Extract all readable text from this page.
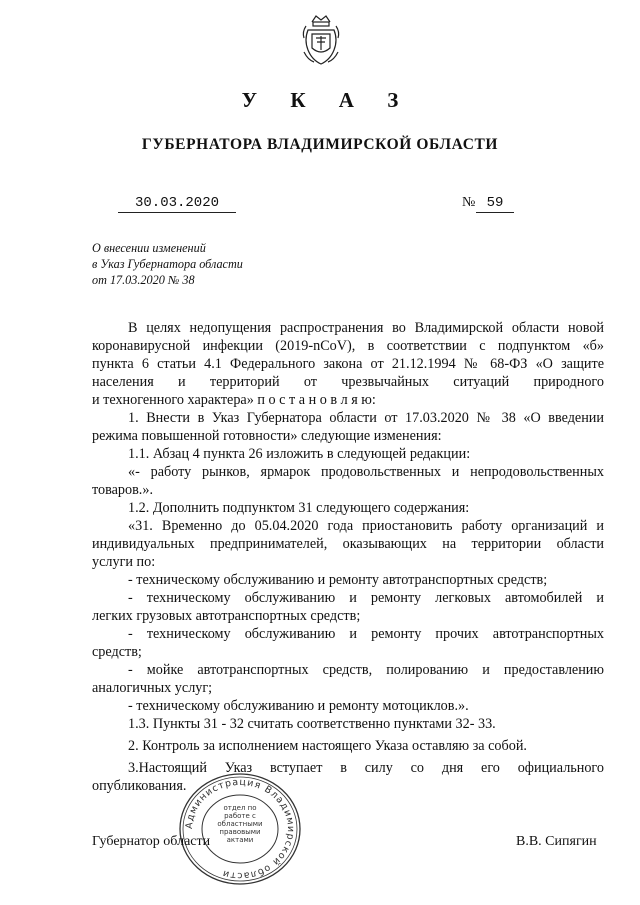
У К А З
ГУБЕРНАТОРА ВЛАДИМИРСКОЙ ОБЛАСТИ
30.03.2020	№ 59
О внесении изменений
в Указ Губернатора области
от 17.03.2020 № 38
В целях недопущения распространения во Владимирской области новой
коронавирусной инфекции (2019-nCoV), в соответствии с подпунктом «б»
пункта 6 статьи 4.1 Федерального закона от 21.12.1994 № 68-ФЗ «О защите
населения и территорий от чрезвычайных ситуаций природного
и техногенного характера» п о с т а н о в л я ю:
1. Внести в Указ Губернатора области от 17.03.2020 № 38 «О введении
режима повышенной готовности» следующие изменения:
1.1. Абзац 4 пункта 26 изложить в следующей редакции:
«- работу рынков, ярмарок продовольственных и непродовольственных
товаров.».
1.2. Дополнить подпунктом 31 следующего содержания:
«31. Временно до 05.04.2020 года приостановить работу организаций и
индивидуальных предпринимателей, оказывающих на территории области
услуги по:
- техническому обслуживанию и ремонту автотранспортных средств;
- техническому обслуживанию и ремонту легковых автомобилей и
легких грузовых автотранспортных средств;
- техническому обслуживанию и ремонту прочих автотранспортных
средств;
- мойке автотранспортных средств, полированию и предоставлению
аналогичных услуг;
- техническому обслуживанию и ремонту мотоциклов.».
1.3. Пункты 31 - 32 считать соответственно пунктами 32- 33.
2. Контроль за исполнением настоящего Указа оставляю за собой.
3.Настоящий Указ вступает в силу со дня его официального
опубликования.
Администрация Владимирской области
отдел по работе с областными правовыми актами
Губернатор области	В.В. Сипягин
